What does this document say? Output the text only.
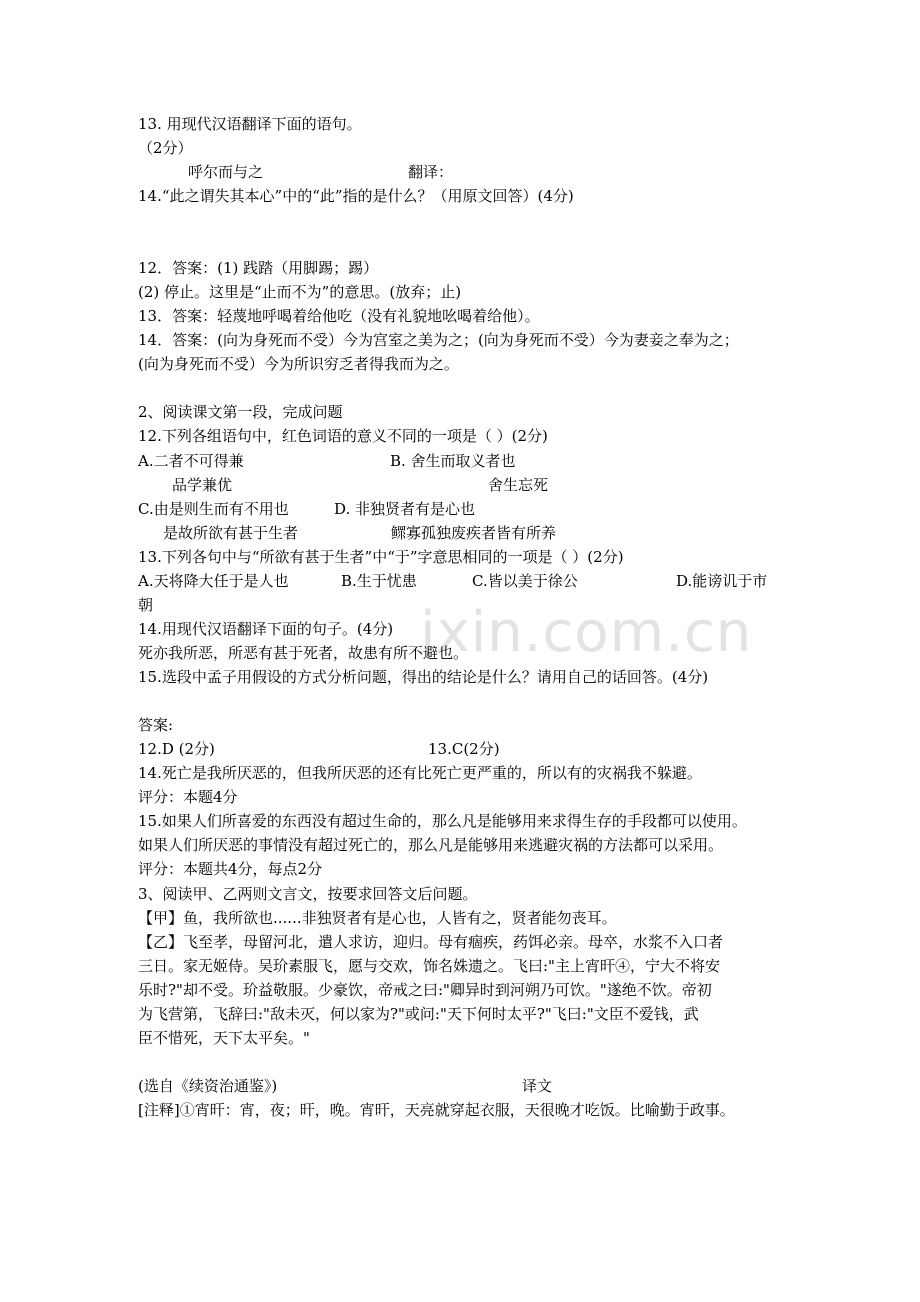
ixin.com.cn
13. 用现代汉语翻译下面的语句。
（2分）
呼尔而与之	翻译：
14.“此之谓失其本心”中的“此”指的是什么？（用原文回答）(4分)
12．答案：(1) 践踏（用脚踢；踢）
(2) 停止。这里是“止而不为”的意思。(放弃；止)
13．答案：轻蔑地呼喝着给他吃（没有礼貌地吆喝着给他）。
14．答案：(向为身死而不受）今为宫室之美为之；(向为身死而不受）今为妻妾之奉为之；
(向为身死而不受）今为所识穷乏者得我而为之。
2、阅读课文第一段，完成问题
12.下列各组语句中，红色词语的意义不同的一项是（ ）(2分)
A.二者不可得兼	B. 舍生而取义者也
品学兼优	舍生忘死
C.由是则生而有不用也	D. 非独贤者有是心也
是故所欲有甚于生者	鳏寡孤独废疾者皆有所养
13.下列各句中与“所欲有甚于生者”中“于”字意思相同的一项是（ ）(2分)
A.天将降大任于是人也	B.生于忧患	C.皆以美于徐公	D.能谤讥于市
朝
14.用现代汉语翻译下面的句子。(4分)
死亦我所恶，所恶有甚于死者，故患有所不避也。
15.选段中孟子用假设的方式分析问题，得出的结论是什么？请用自己的话回答。(4分)
答案:
12.D (2分)	13.C(2分)
14.死亡是我所厌恶的，但我所厌恶的还有比死亡更严重的，所以有的灾祸我不躲避。
评分：本题4分
15.如果人们所喜爱的东西没有超过生命的，那么凡是能够用来求得生存的手段都可以使用。
如果人们所厌恶的事情没有超过死亡的，那么凡是能够用来逃避灾祸的方法都可以采用。
评分：本题共4分，每点2分
3、阅读甲、乙两则文言文，按要求回答文后问题。
【甲】鱼，我所欲也......非独贤者有是心也，人皆有之，贤者能勿丧耳。
【乙】飞至孝，母留河北，遣人求访，迎归。母有痼疾，药饵必亲。母卒，水浆不入口者
三日。家无姬侍。吴玠素服飞，愿与交欢，饰名姝遗之。飞曰:"主上宵旰④，宁大不将安
乐时?"却不受。玠益敬服。少豪饮，帝戒之曰:"卿异时到河朔乃可饮。"遂绝不饮。帝初
为飞营第，飞辞曰:"敌未灭，何以家为?"或问:"天下何时太平?"飞曰:"文臣不爱钱，武
臣不惜死，天下太平矣。"
(选自《续资治通鉴》)	译文
[注释]①宵旰：宵，夜；旰，晚。宵旰，天亮就穿起衣服，天很晚才吃饭。比喻勤于政事。
